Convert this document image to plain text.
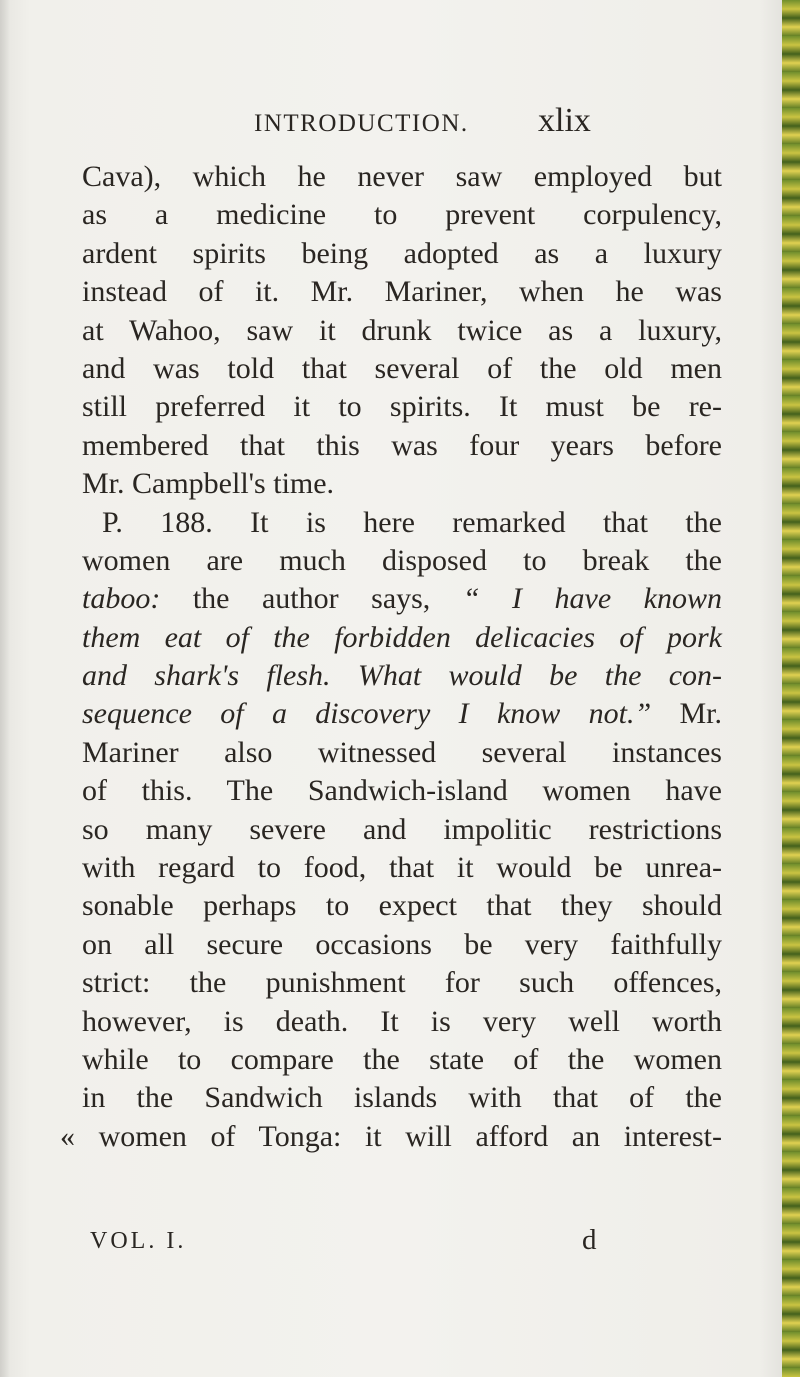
INTRODUCTION. xlix
Cava), which he never saw employed but
as a medicine to prevent corpulency,
ardent spirits being adopted as a luxury
instead of it. Mr. Mariner, when he was
at Wahoo, saw it drunk twice as a luxury,
and was told that several of the old men
still preferred it to spirits. It must be re-
membered that this was four years before
Mr. Campbell's time.
P. 188. It is here remarked that the
women are much disposed to break the
taboo: the author says, “ I have known
them eat of the forbidden delicacies of pork
and shark's flesh. What would be the con-
sequence of a discovery I know not.” Mr.
Mariner also witnessed several instances
of this. The Sandwich-island women have
so many severe and impolitic restrictions
with regard to food, that it would be unrea-
sonable perhaps to expect that they should
on all secure occasions be very faithfully
strict: the punishment for such offences,
however, is death. It is very well worth
while to compare the state of the women
in the Sandwich islands with that of the
« women of Tonga: it will afford an interest-
VOL. I.	d
